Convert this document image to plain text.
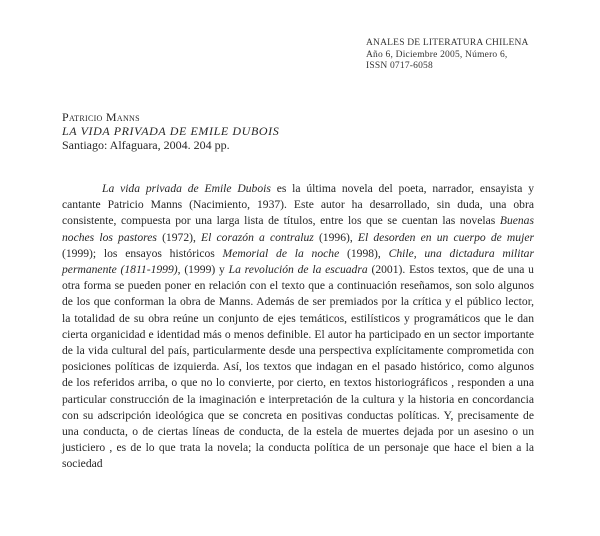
ANALES DE LITERATURA CHILENA
Año 6, Diciembre 2005, Número 6,
ISSN 0717-6058
Patricio Manns
LA VIDA PRIVADA DE EMILE DUBOIS
Santiago: Alfaguara, 2004. 204 pp.

La vida privada de Emile Dubois es la última novela del poeta, narrador, ensayista y cantante Patricio Manns (Nacimiento, 1937). Este autor ha desarrollado, sin duda, una obra consistente, compuesta por una larga lista de títulos, entre los que se cuentan las novelas Buenas noches los pastores (1972), El corazón a contraluz (1996), El desorden en un cuerpo de mujer (1999); los ensayos históricos Memorial de la noche (1998), Chile, una dictadura militar permanente (1811-1999), (1999) y La revolución de la escuadra (2001). Estos textos, que de una u otra forma se pueden poner en relación con el texto que a continuación reseñamos, son solo algunos de los que conforman la obra de Manns. Además de ser premiados por la crítica y el público lector, la totalidad de su obra reúne un conjunto de ejes temáticos, estilísticos y programáticos que le dan cierta organicidad e identidad más o menos definible. El autor ha participado en un sector importante de la vida cultural del país, particularmente desde una perspectiva explícitamente comprometida con posiciones políticas de izquierda. Así, los textos que indagan en el pasado histórico, como algunos de los referidos arriba, o que no lo convierte, por cierto, en textos historiográficos , responden a una particular construcción de la imaginación e interpretación de la cultura y la historia en concordancia con su adscripción ideológica que se concreta en positivas conductas políticas. Y, precisamente de una conducta, o de ciertas líneas de conducta, de la estela de muertes dejada por un asesino o un justiciero , es de lo que trata la novela; la conducta política de un personaje que hace el bien a la sociedad
